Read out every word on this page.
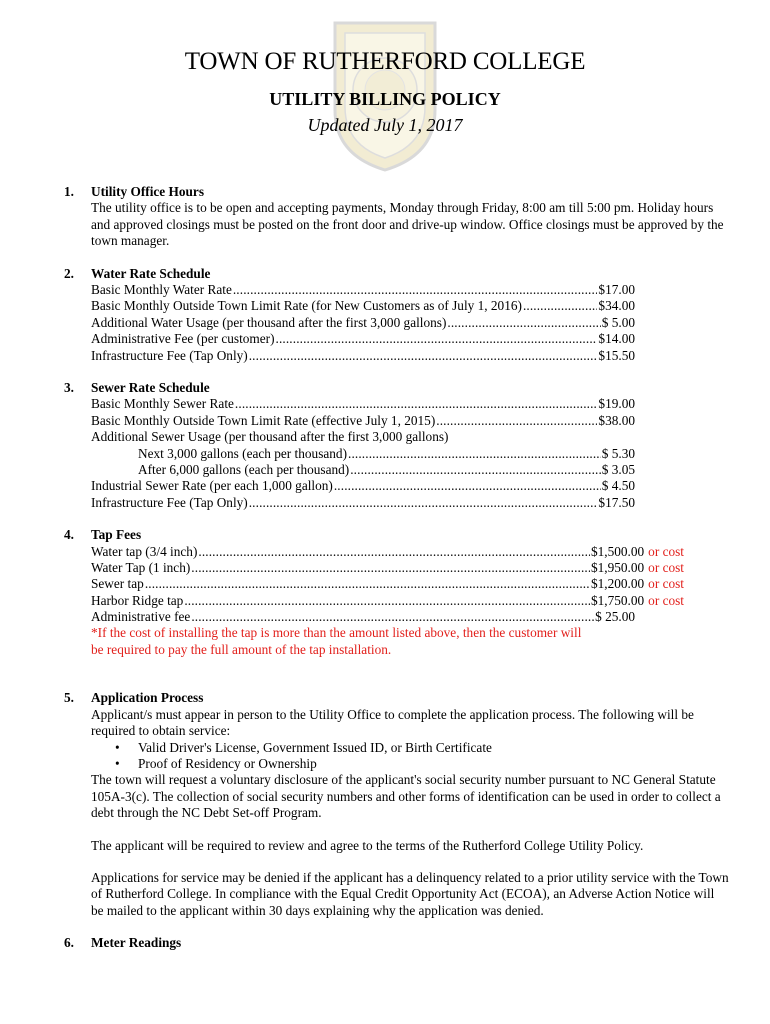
TOWN OF RUTHERFORD COLLEGE
UTILITY BILLING POLICY
Updated July 1, 2017
1. Utility Office Hours

The utility office is to be open and accepting payments, Monday through Friday, 8:00 am till 5:00 pm. Holiday hours and approved closings must be posted on the front door and drive-up window. Office closings must be approved by the town manager.

2. Water Rate Schedule
Basic Monthly Water Rate . . .	$17.00
Basic Monthly Outside Town Limit Rate (for New Customers as of July 1, 2016) . . .	$34.00
Additional Water Usage (per thousand after the first 3,000 gallons) . . .	$ 5.00
Administrative Fee (per customer) . . .	$14.00
Infrastructure Fee (Tap Only) . . .	$15.50
3. Sewer Rate Schedule
Basic Monthly Sewer Rate . . .	$19.00
Basic Monthly Outside Town Limit Rate (effective July 1, 2015) . . .	$38.00
Additional Sewer Usage (per thousand after the first 3,000 gallons)
Next 3,000 gallons (each per thousand) . . .	$ 5.30
After 6,000 gallons (each per thousand) . . .	$ 3.05
Industrial Sewer Rate (per each 1,000 gallon) . . .	$ 4.50
Infrastructure Fee (Tap Only) . . .	$17.50
4. Tap Fees
Water tap (3/4 inch) . . .	$1,500.00 or cost
Water Tap (1 inch) . . .	$1,950.00 or cost
Sewer tap . . .	$1,200.00 or cost
Harbor Ridge tap . . .	$1,750.00 or cost
Administrative fee . . .	$ 25.00

*If the cost of installing the tap is more than the amount listed above, then the customer will be required to pay the full amount of the tap installation.

5. Application Process

Applicant/s must appear in person to the Utility Office to complete the application process. The following will be required to obtain service:

• Valid Driver's License, Government Issued ID, or Birth Certificate
• Proof of Residency or Ownership

The town will request a voluntary disclosure of the applicant's social security number pursuant to NC General Statute 105A-3(c). The collection of social security numbers and other forms of identification can be used in order to collect a debt through the NC Debt Set-off Program.

The applicant will be required to review and agree to the terms of the Rutherford College Utility Policy.

Applications for service may be denied if the applicant has a delinquency related to a prior utility service with the Town of Rutherford College. In compliance with the Equal Credit Opportunity Act (ECOA), an Adverse Action Notice will be mailed to the applicant within 30 days explaining why the application was denied.

6. Meter Readings
